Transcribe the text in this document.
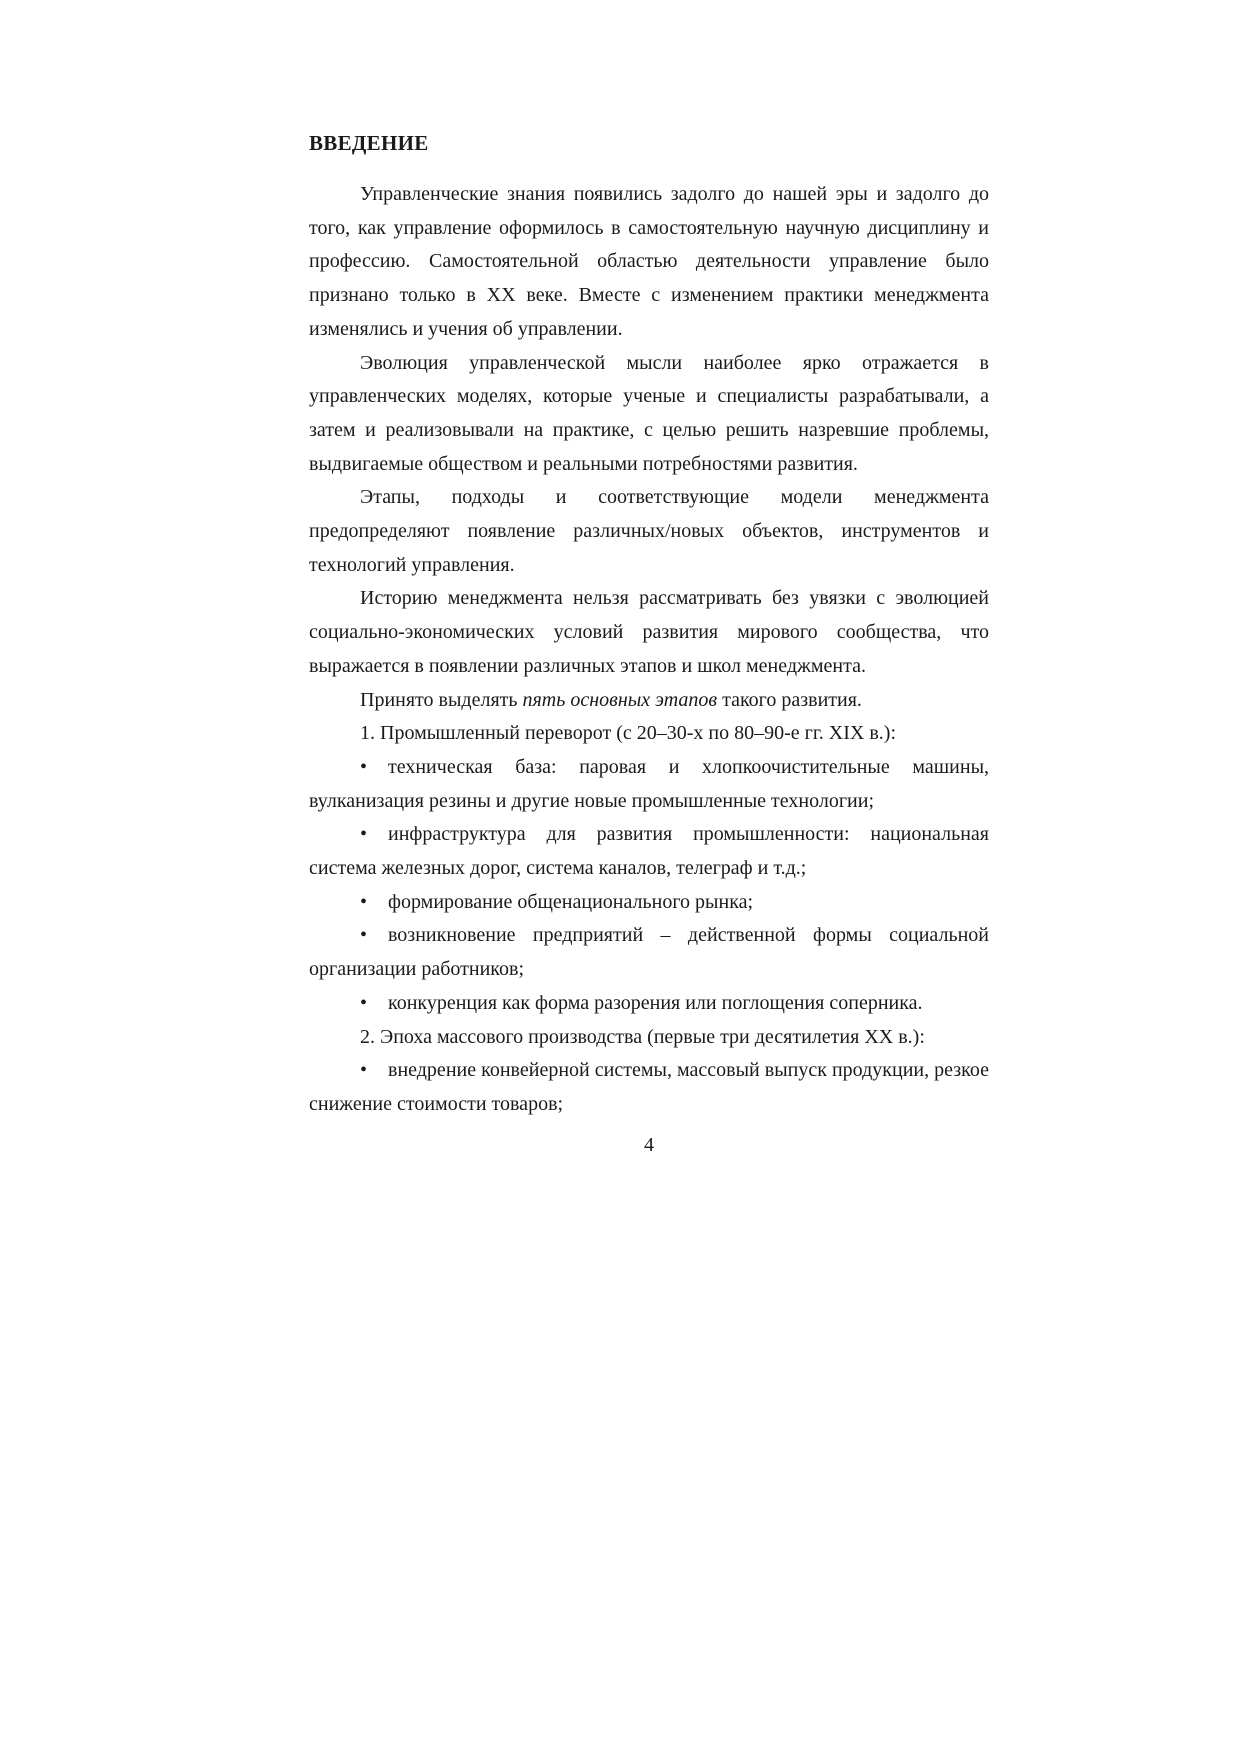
ВВЕДЕНИЕ

Управленческие знания появились задолго до нашей эры и задолго до того, как управление оформилось в самостоятельную научную дисциплину и профессию. Самостоятельной областью деятельности управление было признано только в XX веке. Вместе с изменением практики менеджмента изменялись и учения об управлении.

Эволюция управленческой мысли наиболее ярко отражается в управленческих моделях, которые ученые и специалисты разрабатывали, а затем и реализовывали на практике, с целью решить назревшие проблемы, выдвигаемые обществом и реальными потребностями развития.

Этапы, подходы и соответствующие модели менеджмента предопределяют появление различных/новых объектов, инструментов и технологий управления.

Историю менеджмента нельзя рассматривать без увязки с эволюцией социально-экономических условий развития мирового сообщества, что выражается в появлении различных этапов и школ менеджмента.

Принято выделять пять основных этапов такого развития.

1. Промышленный переворот (с 20–30-х по 80–90-е гг. XIX в.):

• техническая база: паровая и хлопкоочистительные машины, вулканизация резины и другие новые промышленные технологии;

• инфраструктура для развития промышленности: национальная система железных дорог, система каналов, телеграф и т.д.;

• формирование общенационального рынка;

• возникновение предприятий – действенной формы социальной организации работников;

• конкуренция как форма разорения или поглощения соперника.

2. Эпоха массового производства (первые три десятилетия XX в.):

• внедрение конвейерной системы, массовый выпуск продукции, резкое снижение стоимости товаров;

4
